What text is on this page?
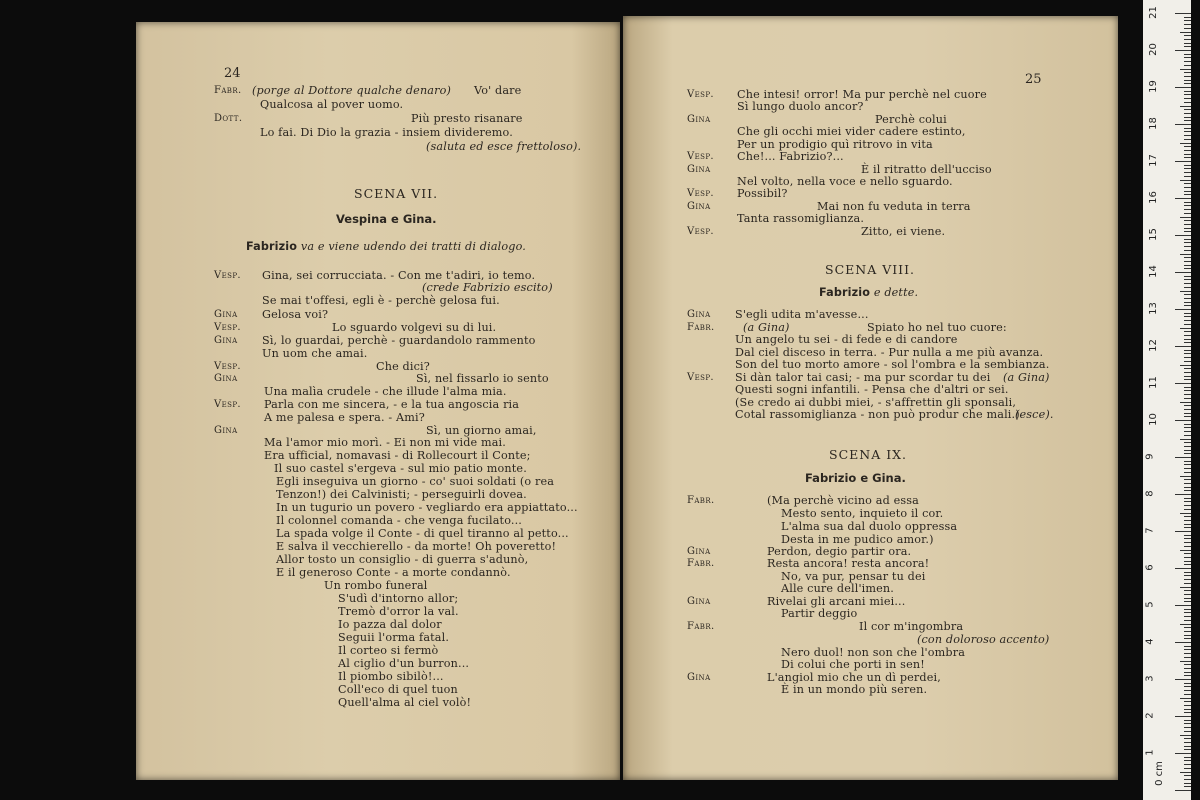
24
Fabr. (porge al Dottore qualche denaro) Vo' dare
Qualcosa al pover uomo.
Dott.	Più presto risanare
Lo fai. Di Dio la grazia - insiem divideremo.
(saluta ed esce frettoloso).
Se mai t'offesi, egli è - perchè gelosa fui.
Gina Gelosa voi?
Vesp.	Lo sguardo volgevi su di lui.
Gina Sì, lo guardai, perchè - guardandolo rammento
Un uom che amai.
Vesp.	Che dici?
Gina	Sì, nel fissarlo io sento
Una malìa crudele - che illude l'alma mia.
Vesp. Parla con me sincera, - e la tua angoscia ria
A me palesa e spera. - Ami?
Gina	Sì, un giorno amai,
Ma l'amor mio morì. - Ei non mi vide mai.
Era ufficial, nomavasi - di Rollecourt il Conte;
Il suo castel s'ergeva - sul mio patio monte.
Egli inseguiva un giorno - co' suoi soldati (o rea
Tenzon!) dei Calvinisti; - perseguirli dovea.
In un tugurio un povero - vegliardo era appiattato...
Il colonnel comanda - che venga fucilato...
La spada volge il Conte - di quel tiranno al petto...
E salva il vecchierello - da morte! Oh poveretto!
Allor tosto un consiglio - di guerra s'adunò,
E il generoso Conte - a morte condannò.
Un rombo funeral
S'udì d'intorno allor;
Tremò d'orror la val.
Io pazza dal dolor
Seguii l'orma fatal.
Il corteo si fermò
Al ciglio d'un burron...
Il piombo sibilò!...
Coll'eco di quel tuon
Quell'alma al ciel volò!
SCENA VII.
Vespina e Gina.
Fabrizio va e viene udendo dei tratti di dialogo.
Vesp. Gina, sei corrucciata. - Con me t'adiri, io temo.
(crede Fabrizio escito)
25
Vesp. Che intesi! orror! Ma pur perchè nel cuore
Sì lungo duolo ancor?
Gina	Perchè colui
Che gli occhi miei vider cadere estinto,
Per un prodigio quì ritrovo in vita
Vesp. Che!... Fabrizio?...
Gina	È il ritratto dell'ucciso
Nel volto, nella voce e nello sguardo.
Vesp. Possibil?
Gina	Mai non fu veduta in terra
Tanta rassomiglianza.
Vesp.	Zitto, ei viene.
Gina S'egli udita m'avesse...
Fabr.	(a Gina)	Spiato ho nel tuo cuore:
Un angelo tu sei - di fede e di candore
Dal ciel disceso in terra. - Pur nulla a me più avanza.
Son del tuo morto amore - sol l'ombra e la sembianza.
Vesp. Si dàn talor tai casi; - ma pur scordar tu dei (a Gina)
Questi sogni infantili. - Pensa che d'altri or sei.
(Se credo ai dubbi miei, - s'affrettin gli sponsali,
Cotal rassomiglianza - non può produr che mali.)
(esce).
Fabr.	(Ma perchè vicino ad essa
Mesto sento, inquieto il cor.
L'alma sua dal duolo oppressa
Desta in me pudico amor.)
Gina	Perdon, degio partir ora.
Fabr.	Resta ancora! resta ancora!
No, va pur, pensar tu dei
Alle cure dell'imen.
Gina	Rivelai gli arcani miei...
Partir deggio
Fabr.	Il cor m'ingombra
(con doloroso accento)
Nero duol! non son che l'ombra
Di colui che porti in sen!
Gina	L'angiol mio che un dì perdei,
È in un mondo più seren.
SCENA VIII.
Fabrizio e dette.
SCENA IX.
Fabrizio e Gina.
0 cm
1
2
3
4
5
6
7
8
9
10
11
12
13
14
15
16
17
18
19
20
21
